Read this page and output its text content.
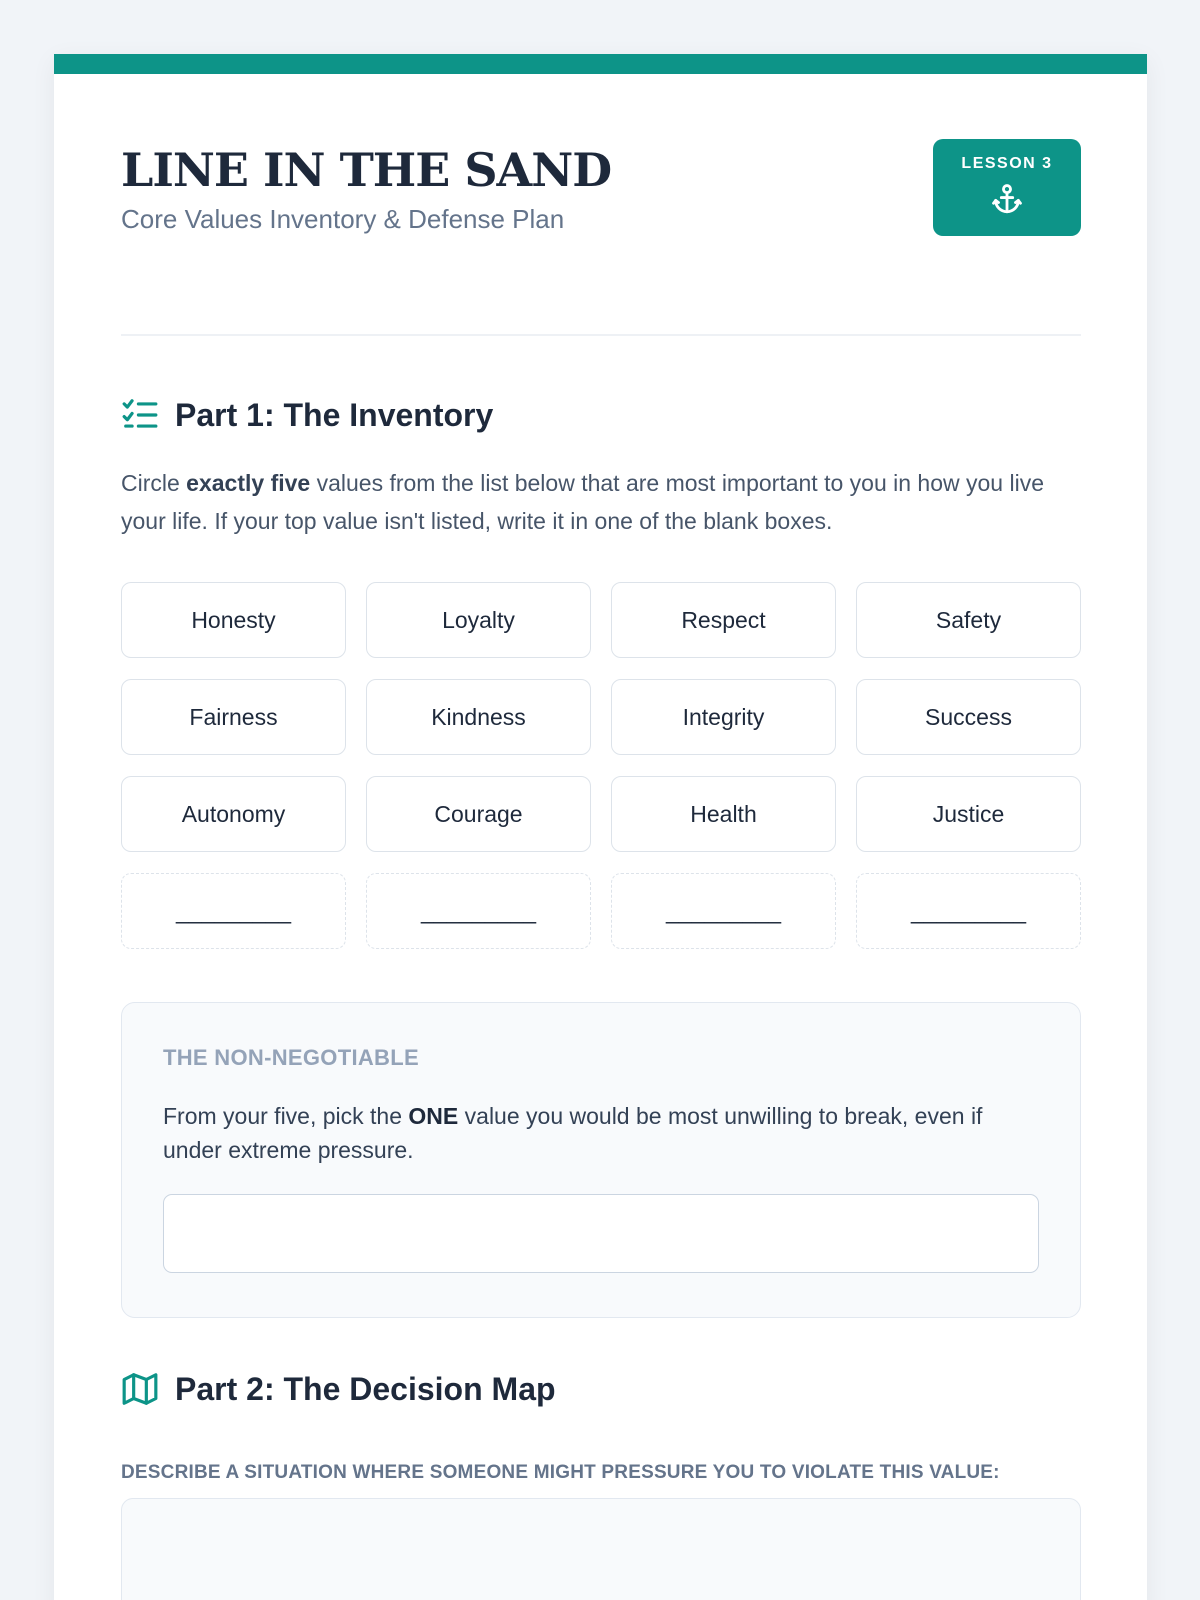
LINE IN THE SAND
Core Values Inventory & Defense Plan
LESSON 3
Part 1: The Inventory

Circle exactly five values from the list below that are most important to you in how you live your life. If your top value isn't listed, write it in one of the blank boxes.

Honesty	Loyalty	Respect	Safety
Fairness	Kindness	Integrity	Success
Autonomy	Courage	Health	Justice
_________	_________	_________	_________
THE NON-NEGOTIABLE

From your five, pick the ONE value you would be most unwilling to break, even if under extreme pressure.

Part 2: The Decision Map
DESCRIBE A SITUATION WHERE SOMEONE MIGHT PRESSURE YOU TO VIOLATE THIS VALUE:
